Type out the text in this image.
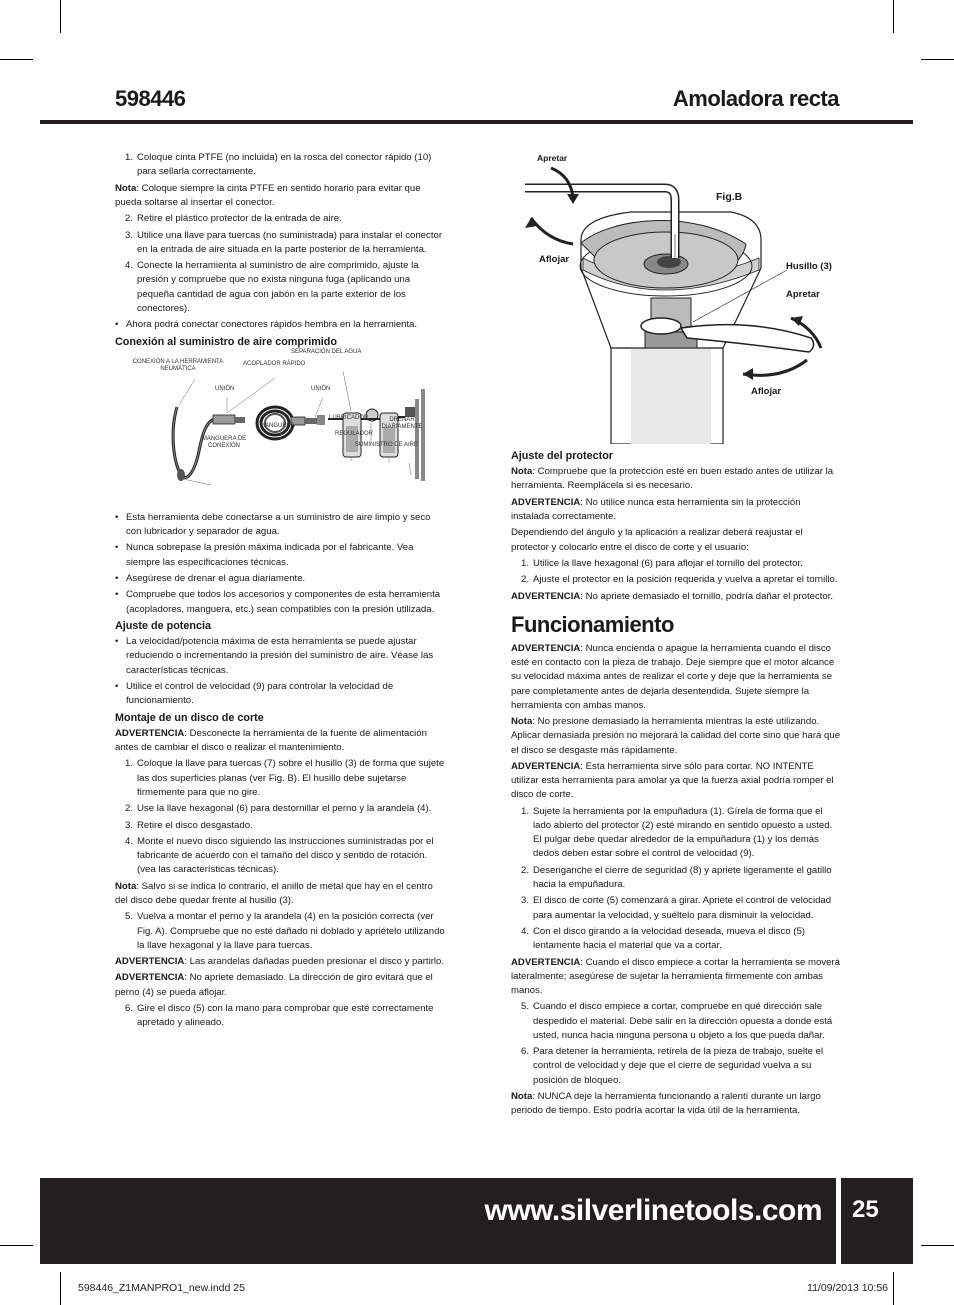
598446	Amoladora recta
1. Coloque cinta PTFE (no incluida) en la rosca del conector rápido (10) para sellarla correctamente.

Nota: Coloque siempre la cinta PTFE en sentido horario para evitar que pueda soltarse al insertar el conector.

2. Retire el plástico protector de la entrada de aire.
3. Utilice una llave para tuercas (no suministrada) para instalar el conector en la entrada de aire situada en la parte posterior de la herramienta.
4. Conecte la herramienta al suministro de aire comprimido, ajuste la presión y compruebe que no exista ninguna fuga (aplicando una pequeña cantidad de agua con jabón en la parte exterior de los conectores).
• Ahora podrá conectar conectores rápidos hembra en la herramienta.
Conexión al suministro de aire comprimido
CONEXIÓN A LA HERRAMIENTA NEUMÁTICA
ACOPLADOR RÁPIDO
SEPARACIÓN DEL AGUA
UNIÓN	UNIÓN
MANGUERA
LUBRICADOR	DRENAR DIARIAMENTE
REGULADOR
MANGUERA DE CONEXIÓN	SUMINISTRO DE AIRE
• Esta herramienta debe conectarse a un suministro de aire limpio y seco con lubricador y separador de agua.
• Nunca sobrepase la presión máxima indicada por el fabricante. Vea siempre las especificaciones técnicas.
• Asegúrese de drenar el agua diariamente.
• Compruebe que todos los accesorios y componentes de esta herramienta (acopladores, manguera, etc.) sean compatibles con la presión utilizada.
Ajuste de potencia
• La velocidad/potencia máxima de esta herramienta se puede ajustar reduciendo o incrementando la presión del suministro de aire. Véase las características técnicas.
• Utilice el control de velocidad (9) para controlar la velocidad de funcionamiento.
Montaje de un disco de corte

ADVERTENCIA: Desconecte la herramienta de la fuente de alimentación antes de cambiar el disco o realizar el mantenimiento.

1. Coloque la llave para tuercas (7) sobre el husillo (3) de forma que sujete las dos superficies planas (ver Fig. B). El husillo debe sujetarse firmemente para que no gire.
2. Use la llave hexagonal (6) para destornillar el perno y la arandela (4).
3. Retire el disco desgastado.
4. Monte el nuevo disco siguiendo las instrucciones suministradas por el fabricante de acuerdo con el tamaño del disco y sentido de rotación. (vea las características técnicas).

Nota: Salvo si se indica lo contrario, el anillo de metal que hay en el centro del disco debe quedar frente al husillo (3).

5. Vuelva a montar el perno y la arandela (4) en la posición correcta (ver Fig. A). Compruebe que no esté dañado ni doblado y apriételo utilizando la llave hexagonal y la llave para tuercas.

ADVERTENCIA: Las arandelas dañadas pueden presionar el disco y partirlo.

ADVERTENCIA: No apriete demasiado. La dirección de giro evitará que el perno (4) se pueda aflojar.

6. Gire el disco (5) con la mano para comprobar que esté correctamente apretado y alineado.
Apretar
Fig.B
Aflojar
Husillo (3)
Apretar
Aflojar
Ajuste del protector

Nota: Compruebe que la protección esté en buen estado antes de utilizar la herramienta. Reemplácela si es necesario.

ADVERTENCIA: No utilice nunca esta herramienta sin la protección instalada correctamente.

Dependiendo del ángulo y la aplicación a realizar deberá reajustar el protector y colocarlo entre el disco de corte y el usuario:

1. Utilice la llave hexagonal (6) para aflojar el tornillo del protector.
2. Ajuste el protector en la posición requerida y vuelva a apretar el tornillo.

ADVERTENCIA: No apriete demasiado el tornillo, podría dañar el protector.

Funcionamiento

ADVERTENCIA: Nunca encienda o apague la herramienta cuando el disco esté en contacto con la pieza de trabajo. Deje siempre que el motor alcance su velocidad máxima antes de realizar el corte y deje que la herramienta se pare completamente antes de dejarla desentendida. Sujete siempre la herramienta con ambas manos.

Nota: No presione demasiado la herramienta mientras la esté utilizando. Aplicar demasiada presión no mejorará la calidad del corte sino que hará que el disco se desgaste más rápidamente.

ADVERTENCIA: Esta herramienta sirve sólo para cortar. NO INTENTE utilizar esta herramienta para amolar ya que la fuerza axial podría romper el disco de corte.

1. Sujete la herramienta por la empuñadura (1). Gírela de forma que el lado abierto del protector (2) esté mirando en sentido opuesto a usted. El pulgar debe quedar alrededor de la empuñadura (1) y los demás dedos deben estar sobre el control de velocidad (9).
2. Desenganche el cierre de seguridad (8) y apriete ligeramente el gatillo hacia la empuñadura.
3. El disco de corte (5) comenzará a girar. Apriete el control de velocidad para aumentar la velocidad, y suéltelo para disminuir la velocidad.
4. Con el disco girando a la velocidad deseada, mueva el disco (5) lentamente hacia el material que va a cortar.

ADVERTENCIA: Cuando el disco empiece a cortar la herramienta se moverá lateralmente; asegúrese de sujetar la herramienta firmemente con ambas manos.

5. Cuando el disco empiece a cortar, compruebe en qué dirección sale despedido el material. Debe salir en la dirección opuesta a donde está usted, nunca hacia ninguna persona u objeto a los que pueda dañar.
6. Para detener la herramienta, retírela de la pieza de trabajo, suelte el control de velocidad y deje que el cierre de seguridad vuelva a su posición de bloqueo.

Nota: NUNCA deje la herramienta funcionando a ralentí durante un largo periodo de tiempo. Esto podría acortar la vida útil de la herramienta.

www.silverlinetools.com 25
598446_Z1MANPRO1_new.indd 25	11/09/2013 10:56
